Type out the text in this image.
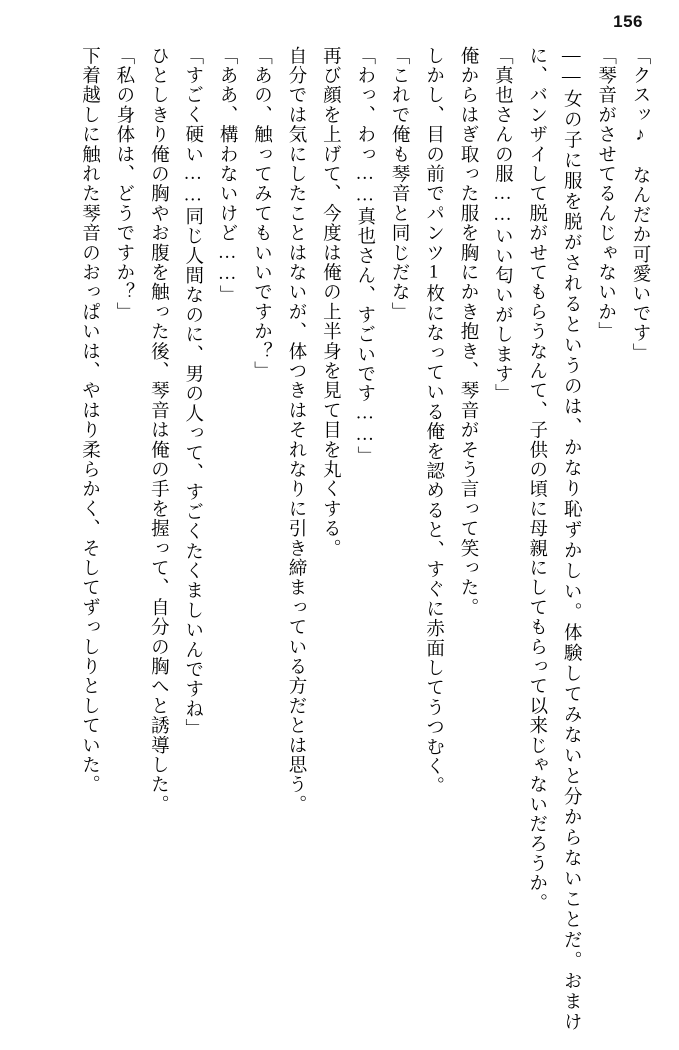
156

「クスッ♪　なんだか可愛いです」

「琴音がさせてるんじゃないか」

――女の子に服を脱がされるというのは、かなり恥ずかしい。体験してみないと分からないことだ。おまけに、バンザイして脱がせてもらうなんて、子供の頃に母親にしてもらって以来じゃないだろうか。

「真也さんの服……いい匂いがします」

俺からはぎ取った服を胸にかき抱き、琴音がそう言って笑った。

しかし、目の前でパンツ1枚になっている俺を認めると、すぐに赤面してうつむく。

「これで俺も琴音と同じだな」

「わっ、わっ……真也さん、すごいです……」

再び顔を上げて、今度は俺の上半身を見て目を丸くする。

自分では気にしたことはないが、体つきはそれなりに引き締まっている方だとは思う。

「あの、触ってみてもいいですか？」

「ああ、構わないけど……」

「すごく硬い……同じ人間なのに、男の人って、すごくたくましいんですね」

ひとしきり俺の胸やお腹を触った後、琴音は俺の手を握って、自分の胸へと誘導した。

「私の身体は、どうですか？」

下着越しに触れた琴音のおっぱいは、やはり柔らかく、そしてずっしりとしていた。
